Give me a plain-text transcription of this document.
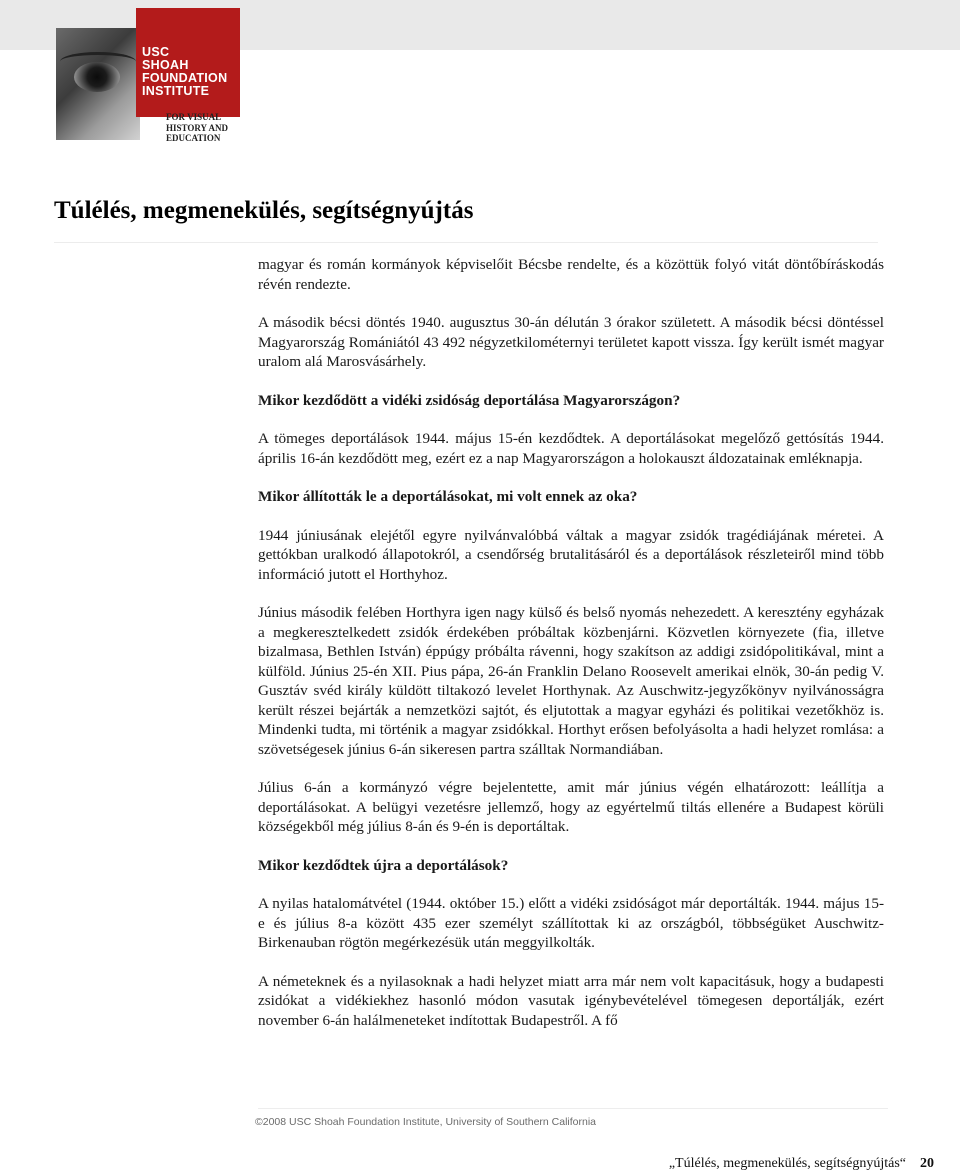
USC
SHOAH
FOUNDATION
INSTITUTE
FOR VISUAL
HISTORY AND
EDUCATION
Túlélés, megmenekülés, segítségnyújtás

magyar és román kormányok képviselőit Bécsbe rendelte, és a közöttük folyó vitát döntőbíráskodás révén rendezte.

A második bécsi döntés 1940. augusztus 30-án délután 3 órakor született. A második bécsi döntéssel Magyarország Romániától 43 492 négyzetkilométernyi területet kapott vissza. Így került ismét magyar uralom alá Marosvásárhely.

Mikor kezdődött a vidéki zsidóság deportálása Magyarországon?

A tömeges deportálások 1944. május 15-én kezdődtek. A deportálásokat megelőző gettósítás 1944. április 16-án kezdődött meg, ezért ez a nap Magyarországon a holokauszt áldozatainak emléknapja.

Mikor állították le a deportálásokat, mi volt ennek az oka?

1944 júniusának elejétől egyre nyilvánvalóbbá váltak a magyar zsidók tragédiájának méretei. A gettókban uralkodó állapotokról, a csendőrség brutalitásáról és a deportálások részleteiről mind több információ jutott el Horthyhoz.

Június második felében Horthyra igen nagy külső és belső nyomás nehezedett. A keresztény egyházak a megkeresztelkedett zsidók érdekében próbáltak közbenjárni. Közvetlen környezete (fia, illetve bizalmasa, Bethlen István) éppúgy próbálta rávenni, hogy szakítson az addigi zsidópolitikával, mint a külföld. Június 25-én XII. Pius pápa, 26-án Franklin Delano Roosevelt amerikai elnök, 30-án pedig V. Gusztáv svéd király küldött tiltakozó levelet Horthynak. Az Auschwitz-jegyzőkönyv nyilvánosságra került részei bejárták a nemzetközi sajtót, és eljutottak a magyar egyházi és politikai vezetőkhöz is. Mindenki tudta, mi történik a magyar zsidókkal. Horthyt erősen befolyásolta a hadi helyzet romlása: a szövetségesek június 6-án sikeresen partra szálltak Normandiában.

Július 6-án a kormányzó végre bejelentette, amit már június végén elhatározott: leállítja a deportálásokat. A belügyi vezetésre jellemző, hogy az egyértelmű tiltás ellenére a Budapest körüli községekből még július 8-án és 9-én is deportáltak.

Mikor kezdődtek újra a deportálások?

A nyilas hatalomátvétel (1944. október 15.) előtt a vidéki zsidóságot már deportálták. 1944. május 15-e és július 8-a között 435 ezer személyt szállítottak ki az országból, többségüket Auschwitz-Birkenauban rögtön megérkezésük után meggyilkolták.

A németeknek és a nyilasoknak a hadi helyzet miatt arra már nem volt kapacitásuk, hogy a budapesti zsidókat a vidékiekhez hasonló módon vasutak igénybevételével tömegesen deportálják, ezért november 6-án halálmeneteket indítottak Budapestről. A fő

©2008 USC Shoah Foundation Institute, University of Southern California
„Túlélés, megmenekülés, segítségnyújtás“ 20
